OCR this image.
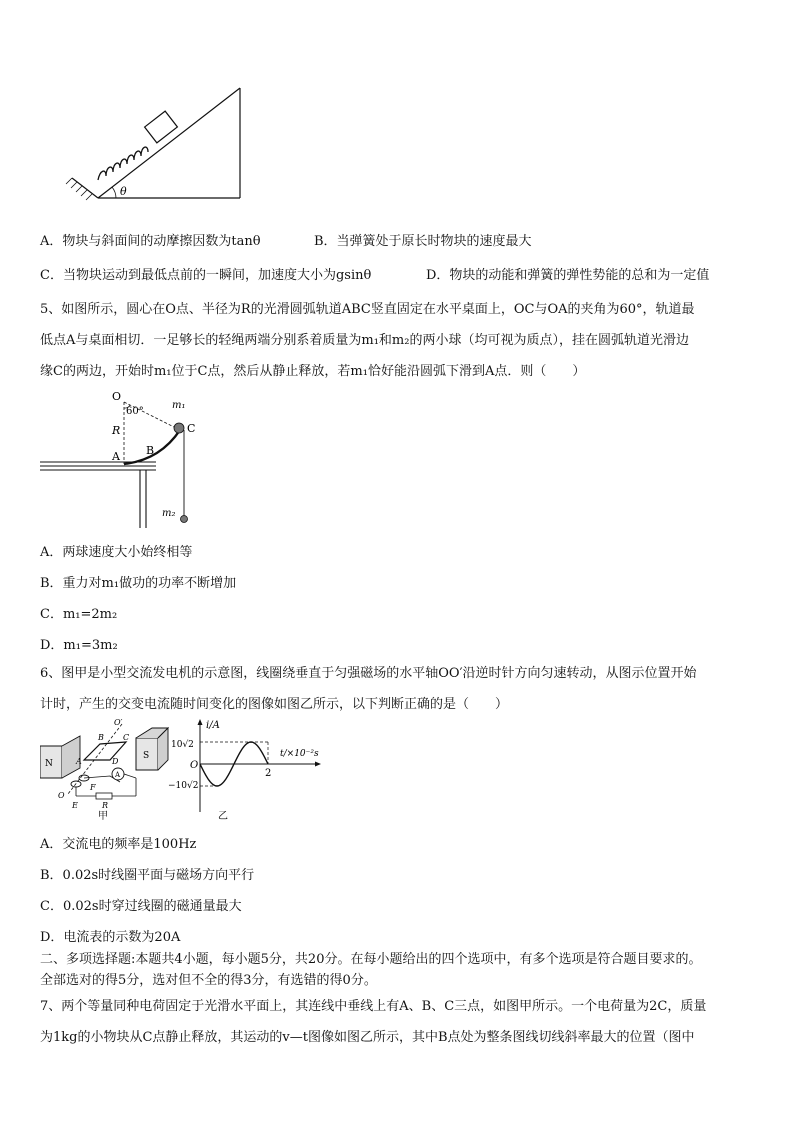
θ
A．物块与斜面间的动摩擦因数为tanθ	B．当弹簧处于原长时物块的速度最大
C．当物块运动到最低点前的一瞬间，加速度大小为gsinθ	D．物块的动能和弹簧的弹性势能的总和为一定值
5、如图所示，圆心在O点、半径为R的光滑圆弧轨道ABC竖直固定在水平桌面上，OC与OA的夹角为60°，轨道最
低点A与桌面相切．一足够长的轻绳两端分别系着质量为m₁和m₂的两小球（均可视为质点），挂在圆弧轨道光滑边
缘C的两边，开始时m₁位于C点，然后从静止释放，若m₁恰好能沿圆弧下滑到A点．则（　　）
O
60°
m₁
C
R
B
A
m₂
A．两球速度大小始终相等
B．重力对m₁做功的功率不断增加
C．m₁=2m₂
D．m₁=3m₂
6、图甲是小型交流发电机的示意图，线圈绕垂直于匀强磁场的水平轴OO′沿逆时针方向匀速转动，从图示位置开始
计时，产生的交变电流随时间变化的图像如图乙所示，以下判断正确的是（　　）
A
N
S
O′
O
C
B
A	D
E
F
R
甲
i/A
t/×10⁻²s
10√2
−10√2
O
2
乙
A．交流电的频率是100Hz
B．0.02s时线圈平面与磁场方向平行
C．0.02s时穿过线圈的磁通量最大
D．电流表的示数为20A
二、多项选择题:本题共4小题，每小题5分，共20分。在每小题给出的四个选项中，有多个选项是符合题目要求的。
全部选对的得5分，选对但不全的得3分，有选错的得0分。
7、两个等量同种电荷固定于光滑水平面上，其连线中垂线上有A、B、C三点，如图甲所示。一个电荷量为2C，质量
为1kg的小物块从C点静止释放，其运动的v—t图像如图乙所示，其中B点处为整条图线切线斜率最大的位置（图中
